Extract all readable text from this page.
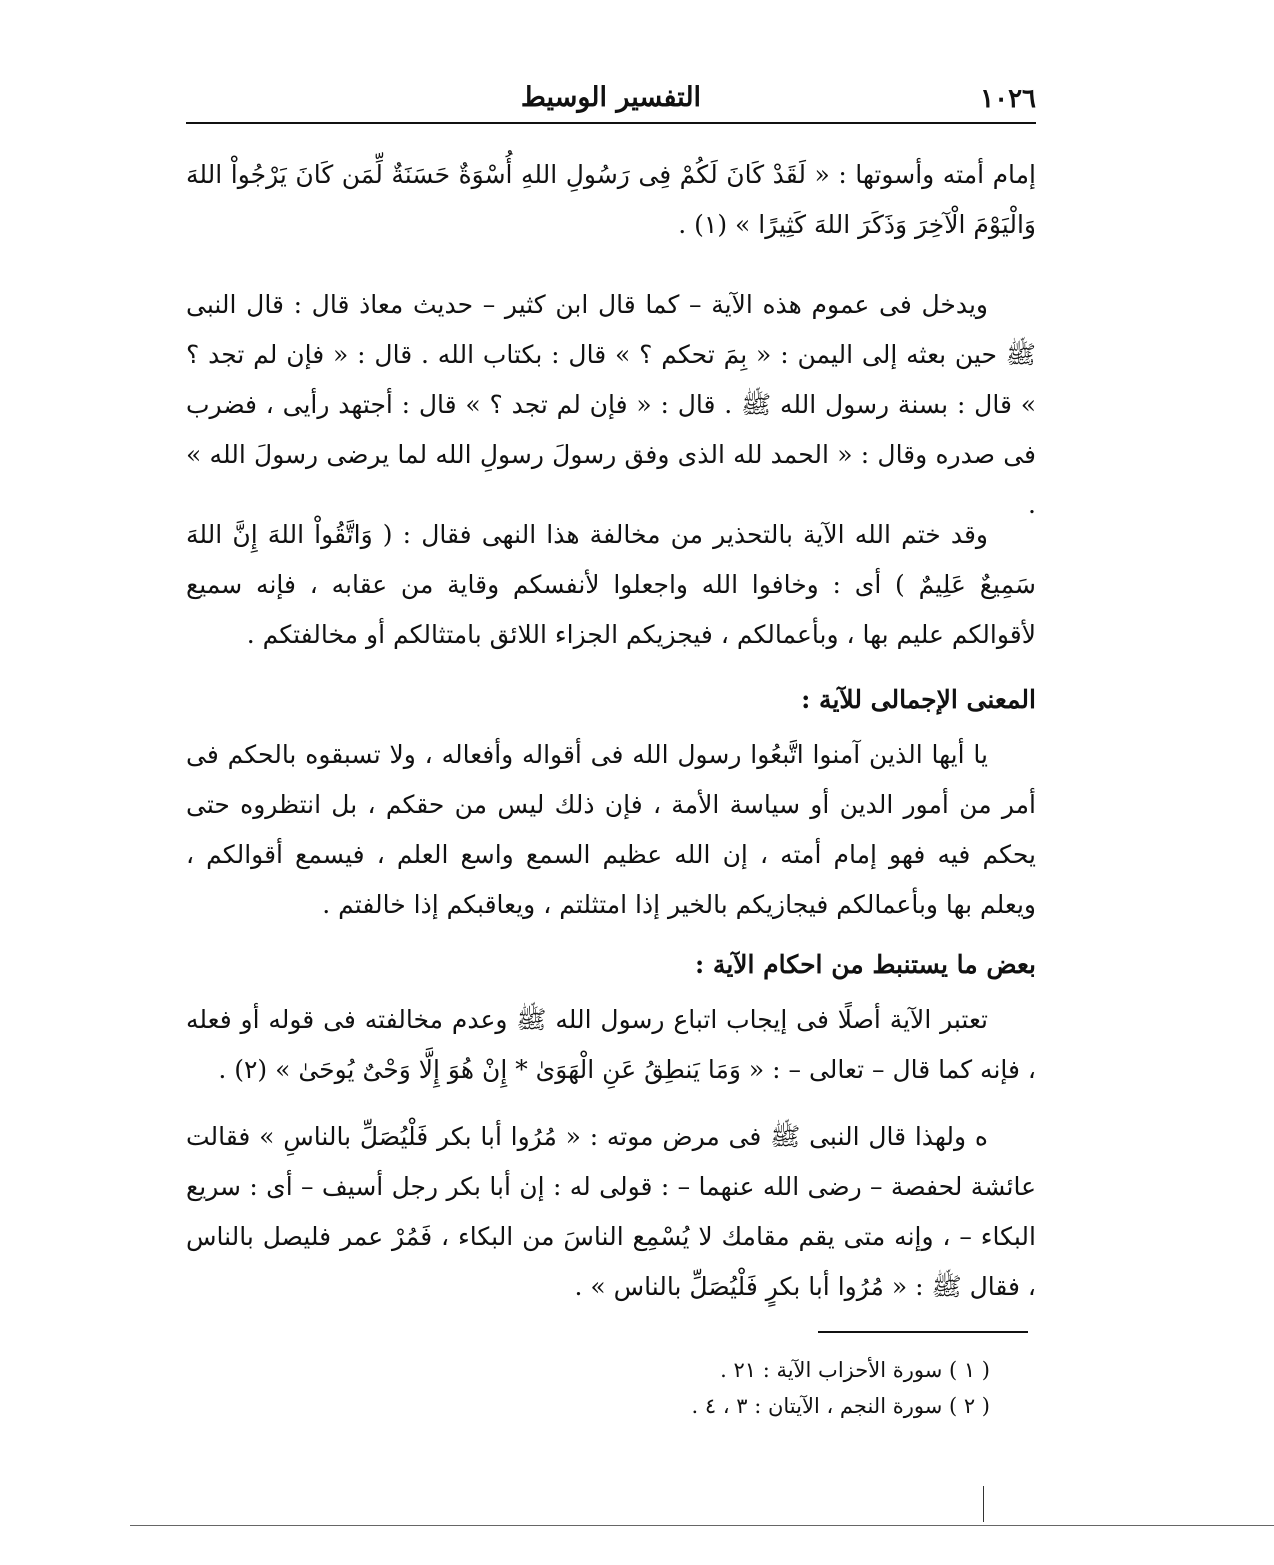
١٠٢٦
التفسير الوسيط

إمام أمته وأسوتها : « لَقَدْ كَانَ لَكُمْ فِى رَسُولِ اللهِ أُسْوَةٌ حَسَنَةٌ لِّمَن كَانَ يَرْجُواْ اللهَ وَالْيَوْمَ الْآخِرَ وَذَكَرَ اللهَ كَثِيرًا » (١) .

ويدخل فى عموم هذه الآية – كما قال ابن كثير – حديث معاذ قال : قال النبى ﷺ حين بعثه إلى اليمن : « بِمَ تحكم ؟ » قال : بكتاب الله . قال : « فإن لم تجد ؟ » قال : بسنة رسول الله ﷺ . قال : « فإن لم تجد ؟ » قال : أجتهد رأيى ، فضرب فى صدره وقال : « الحمد لله الذى وفق رسولَ رسولِ الله لما يرضى رسولَ الله » .

وقد ختم الله الآية بالتحذير من مخالفة هذا النهى فقال : ( وَاتَّقُواْ اللهَ إِنَّ اللهَ سَمِيعٌ عَلِيمٌ ) أى : وخافوا الله واجعلوا لأنفسكم وقاية من عقابه ، فإنه سميع لأقوالكم عليم بها ، وبأعمالكم ، فيجزيكم الجزاء اللائق بامتثالكم أو مخالفتكم .

المعنى الإجمالى للآية :

يا أيها الذين آمنوا اتَّبعُوا رسول الله فى أقواله وأفعاله ، ولا تسبقوه بالحكم فى أمر من أمور الدين أو سياسة الأمة ، فإن ذلك ليس من حقكم ، بل انتظروه حتى يحكم فيه فهو إمام أمته ، إن الله عظيم السمع واسع العلم ، فيسمع أقوالكم ، ويعلم بها وبأعمالكم فيجازيكم بالخير إذا امتثلتم ، ويعاقبكم إذا خالفتم .

بعض ما يستنبط من احكام الآية :

تعتبر الآية أصلًا فى إيجاب اتباع رسول الله ﷺ وعدم مخالفته فى قوله أو فعله ، فإنه كما قال – تعالى – : « وَمَا يَنطِقُ عَنِ الْهَوَىٰ * إِنْ هُوَ إِلَّا وَحْىٌ يُوحَىٰ » (٢) .

ه ولهذا قال النبى ﷺ فى مرض موته : « مُرُوا أبا بكر فَلْيُصَلِّ بالناسِ » فقالت عائشة لحفصة – رضى الله عنهما – : قولى له : إن أبا بكر رجل أسيف – أى : سريع البكاء – ، وإنه متى يقم مقامك لا يُسْمِع الناسَ من البكاء ، فَمُرْ عمر فليصل بالناس ، فقال ﷺ : « مُرُوا أبا بكرٍ فَلْيُصَلِّ بالناس » .

( ١ ) سورة الأحزاب الآية : ٢١ .
( ٢ ) سورة النجم ، الآيتان : ٣ ، ٤ .
